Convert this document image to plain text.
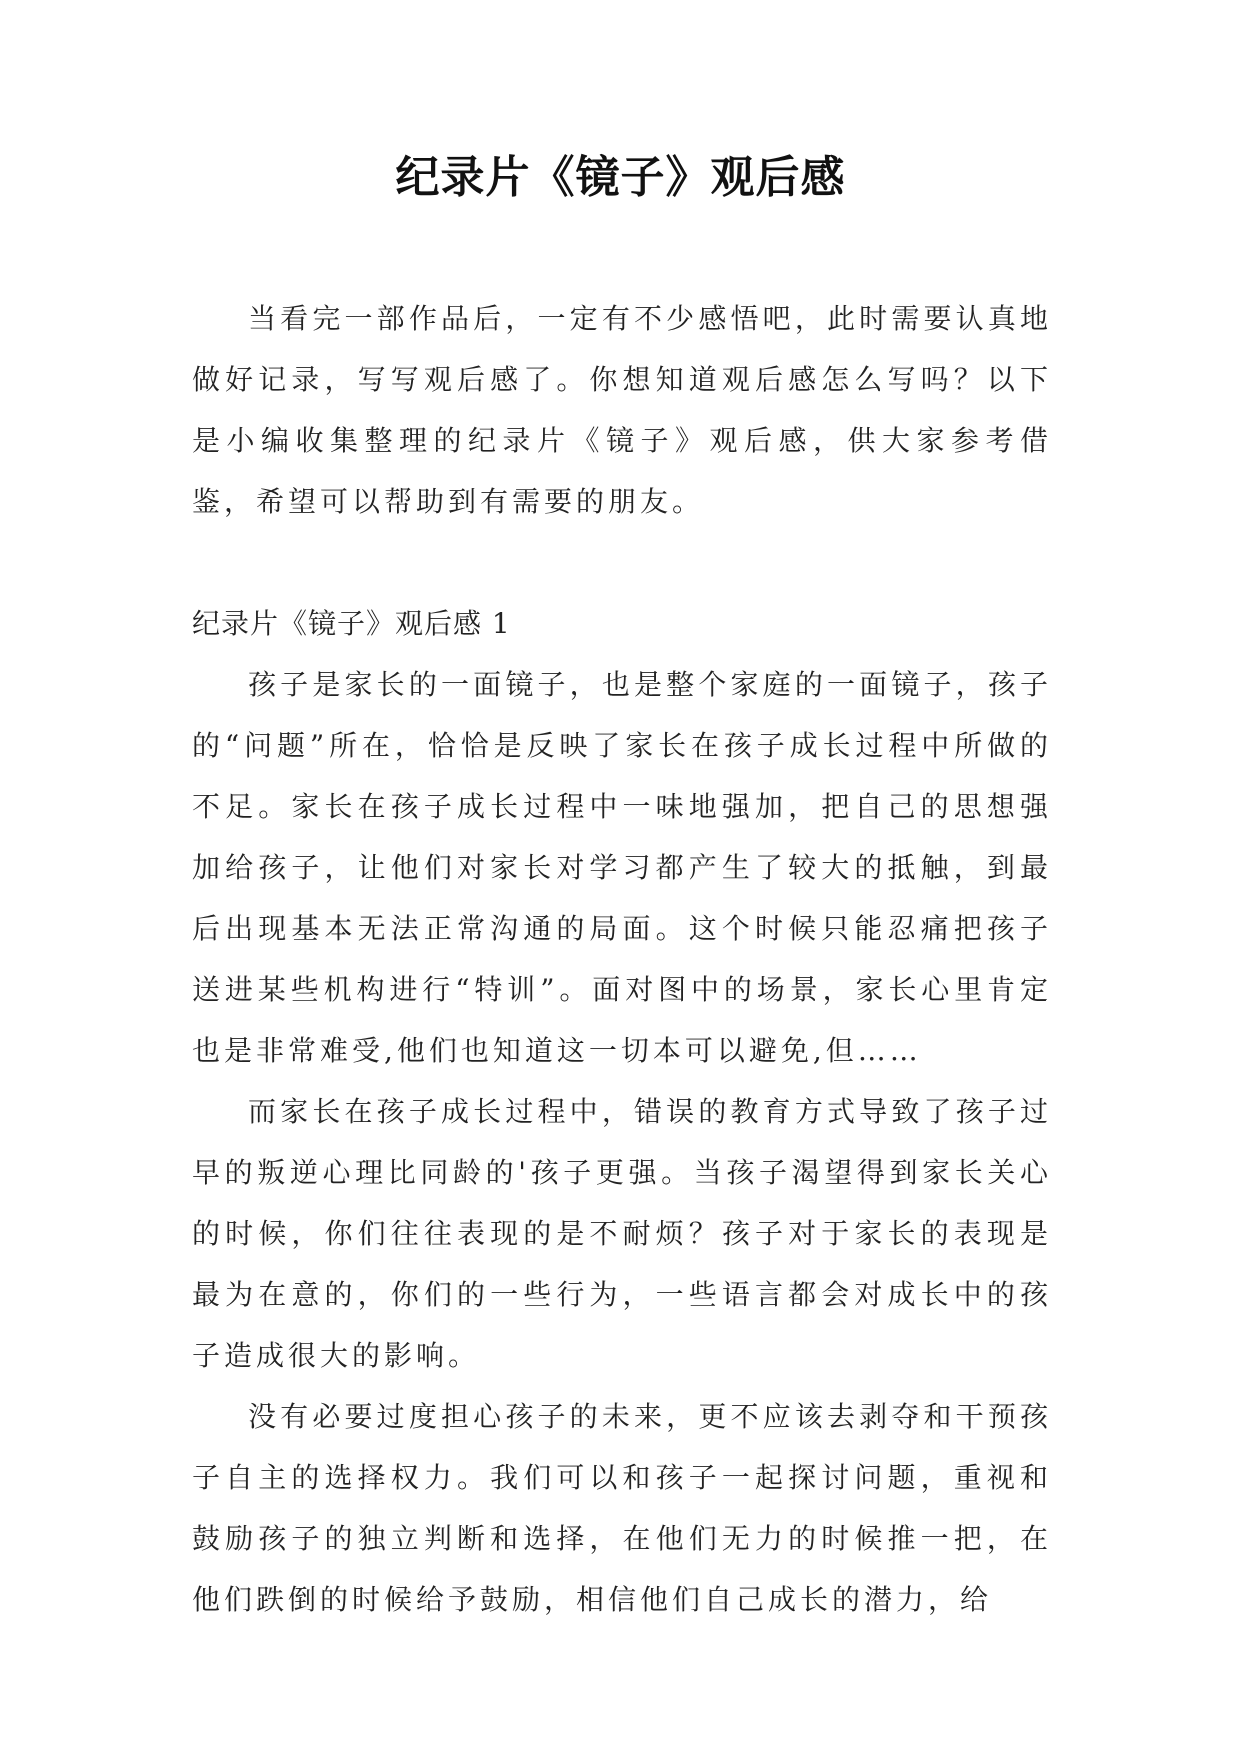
纪录片《镜子》观后感

当看完一部作品后，一定有不少感悟吧，此时需要认真地做好记录，写写观后感了。你想知道观后感怎么写吗？以下是小编收集整理的纪录片《镜子》观后感，供大家参考借鉴，希望可以帮助到有需要的朋友。

纪录片《镜子》观后感 1

孩子是家长的一面镜子，也是整个家庭的一面镜子，孩子的“问题”所在，恰恰是反映了家长在孩子成长过程中所做的不足。家长在孩子成长过程中一味地强加，把自己的思想强加给孩子，让他们对家长对学习都产生了较大的抵触，到最后出现基本无法正常沟通的局面。这个时候只能忍痛把孩子送进某些机构进行“特训”。面对图中的场景，家长心里肯定也是非常难受,他们也知道这一切本可以避免,但……

而家长在孩子成长过程中，错误的教育方式导致了孩子过早的叛逆心理比同龄的'孩子更强。当孩子渴望得到家长关心的时候，你们往往表现的是不耐烦？孩子对于家长的表现是最为在意的，你们的一些行为，一些语言都会对成长中的孩子造成很大的影响。

没有必要过度担心孩子的未来，更不应该去剥夺和干预孩子自主的选择权力。我们可以和孩子一起探讨问题，重视和鼓励孩子的独立判断和选择，在他们无力的时候推一把，在他们跌倒的时候给予鼓励，相信他们自己成长的潜力，给
